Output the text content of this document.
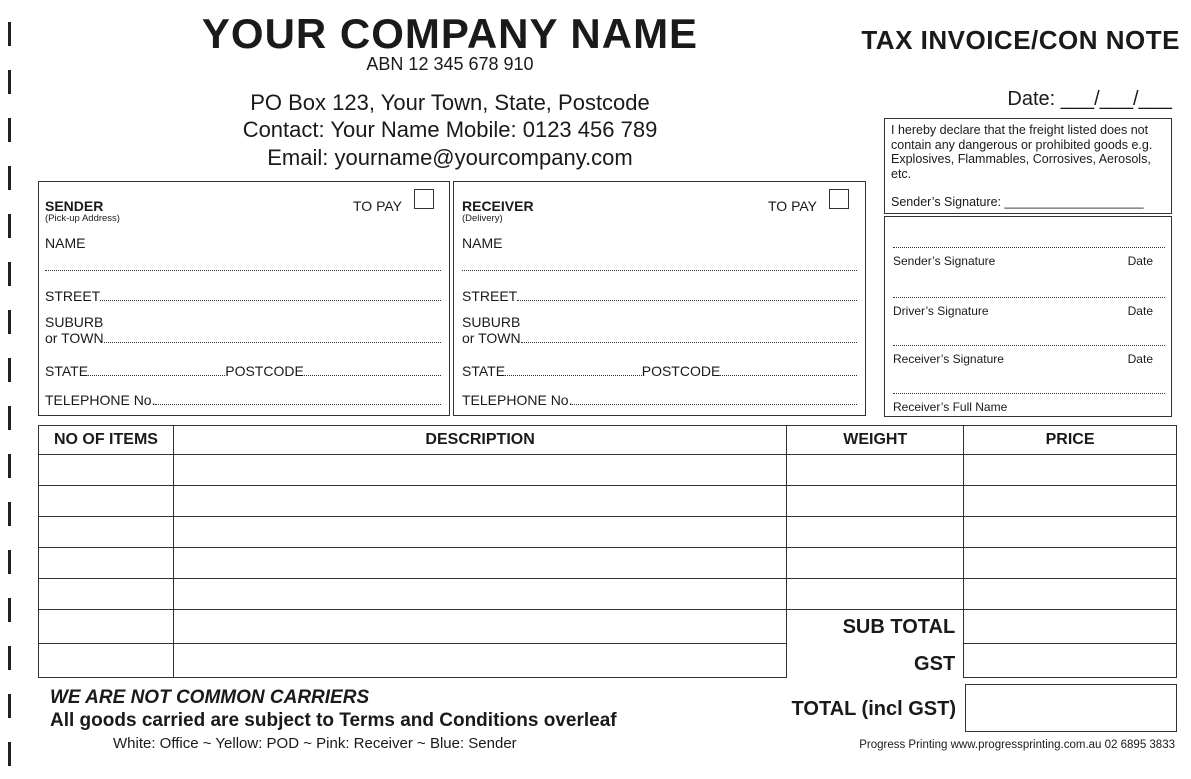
YOUR COMPANY NAME
ABN 12 345 678 910
PO Box 123, Your Town, State, Postcode
Contact: Your Name Mobile: 0123 456 789
Email: yourname@yourcompany.com
TAX INVOICE/CON NOTE
Date: ___/___/___
I hereby declare that the freight listed does not contain any dangerous or prohibited goods e.g. Explosives, Flammables, Corrosives, Aerosols, etc.
Sender’s Signature: ____________________
Sender’s Signature	Date
Driver’s Signature	Date
Receiver’s Signature	Date
Receiver’s Full Name
SENDER
(Pick-up Address)
TO PAY
NAME
STREET
SUBURB
or TOWN
STATE	POSTCODE
TELEPHONE No.
RECEIVER
(Delivery)
TO PAY
NAME
STREET
SUBURB
or TOWN
STATE	POSTCODE
TELEPHONE No.
NO OF ITEMS	DESCRIPTION	WEIGHT	PRICE

		SUB TOTAL
GST	

TOTAL (incl GST)
WE ARE NOT COMMON CARRIERS
All goods carried are subject to Terms and Conditions overleaf
White: Office ~ Yellow: POD ~ Pink: Receiver ~ Blue: Sender	Progress Printing www.progressprinting.com.au 02 6895 3833
